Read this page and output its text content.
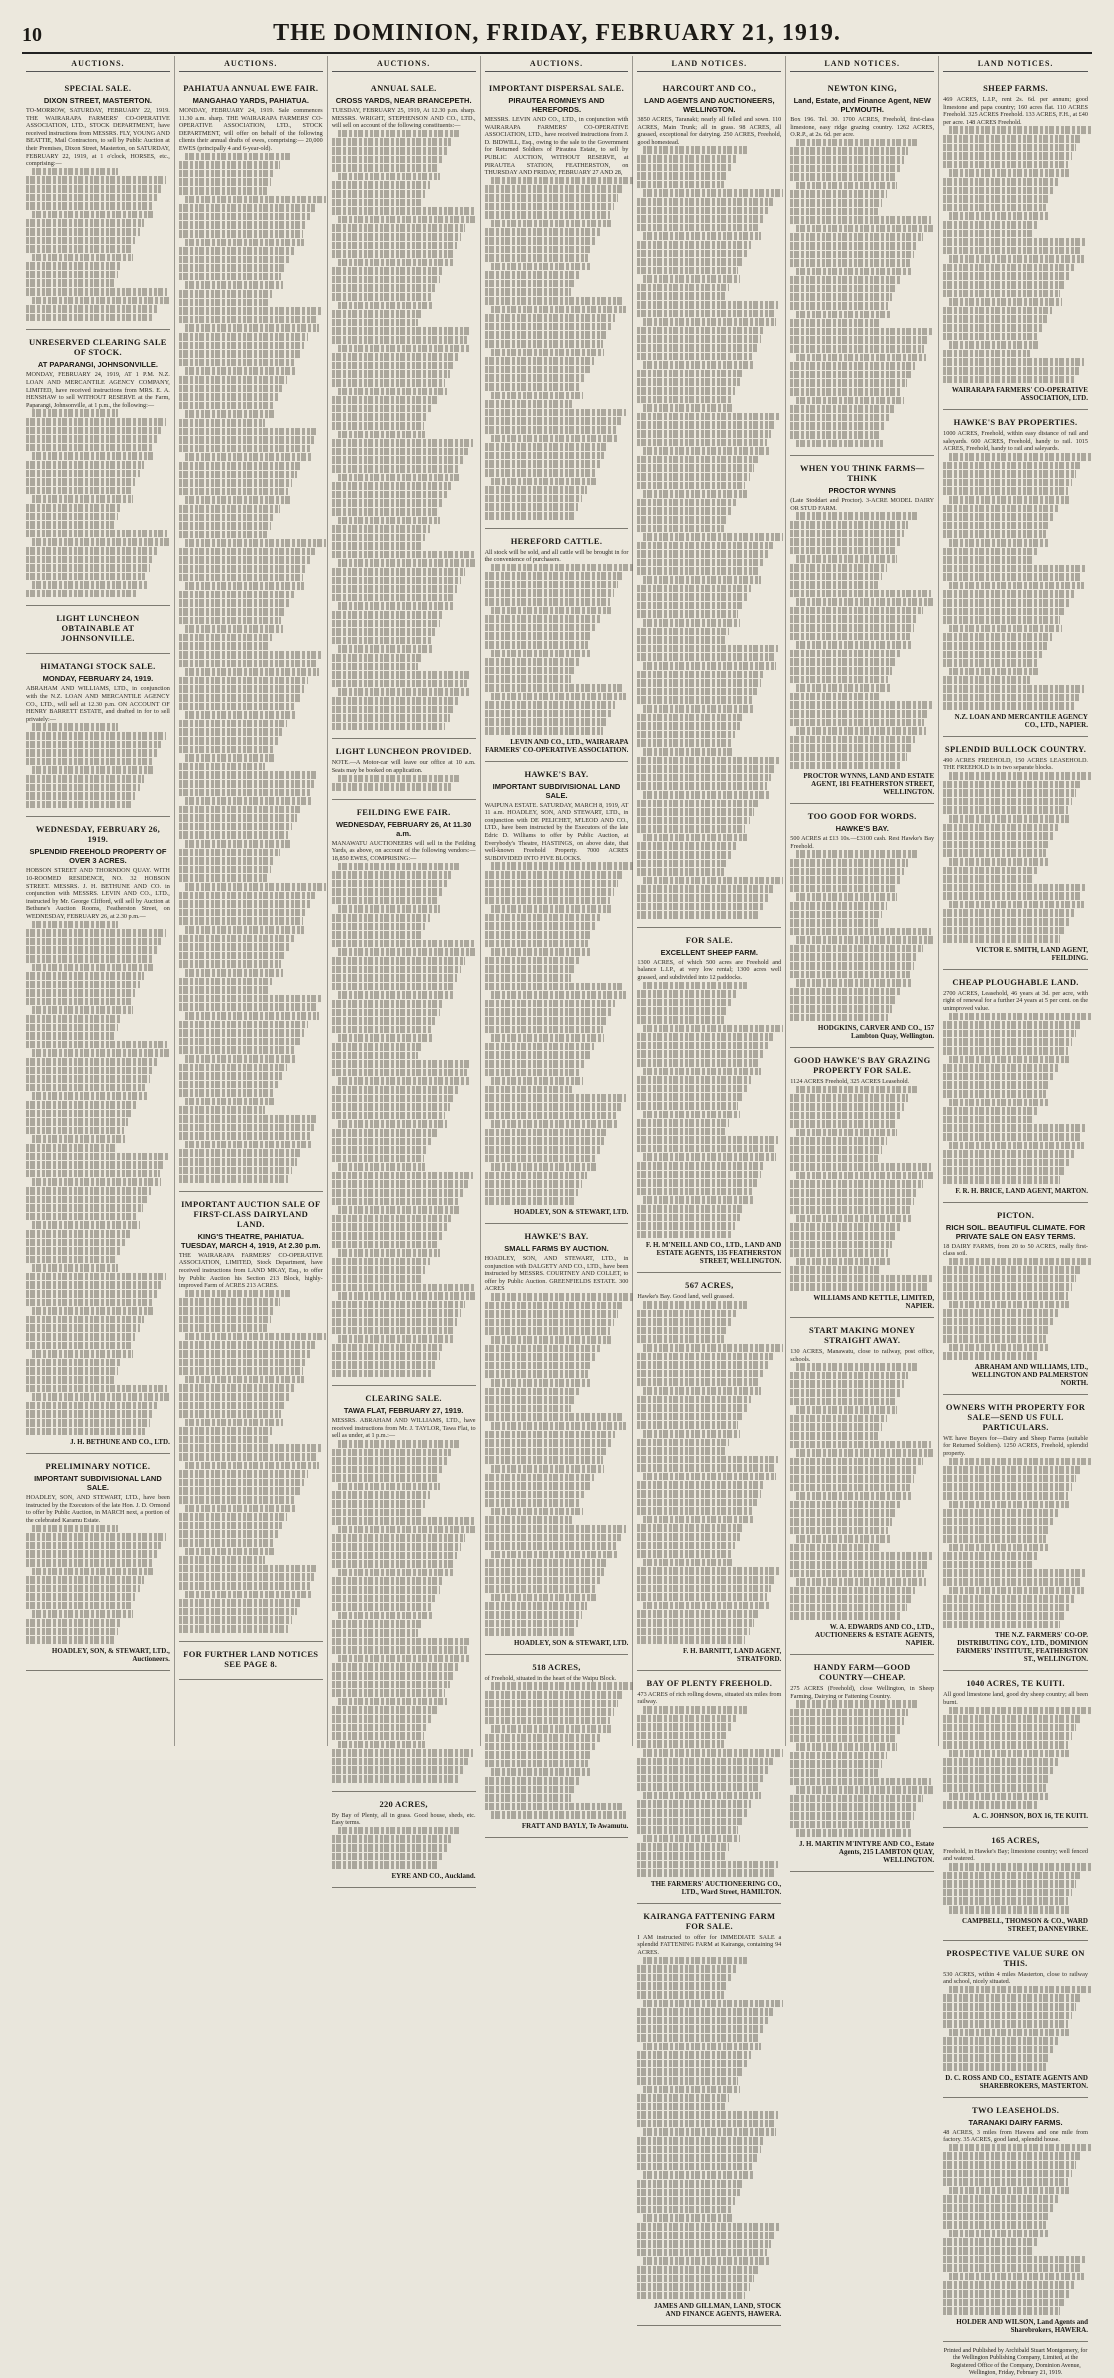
10	THE DOMINION, FRIDAY, FEBRUARY 21, 1919.
AUCTIONS.
SPECIAL SALE.
DIXON STREET, MASTERTON.
TO-MORROW, SATURDAY, FEBRUARY 22, 1919. THE WAIRARAPA FARMERS' CO-OPERATIVE ASSOCIATION, LTD., STOCK DEPARTMENT, have received instructions from MESSRS. FLY, YOUNG AND BEATTIE, Mail Contractors, to sell by Public Auction at their Premises, Dixon Street, Masterton, on SATURDAY, FEBRUARY 22, 1919, at 1 o'clock, HORSES, etc., comprising:—
UNRESERVED CLEARING SALE OF STOCK.
AT PAPARANGI, JOHNSONVILLE.
MONDAY, FEBRUARY 24, 1919, AT 1 P.M. N.Z. LOAN AND MERCANTILE AGENCY COMPANY, LIMITED, have received instructions from MRS. E. A. HENSHAW to sell WITHOUT RESERVE at the Farm, Paparangi, Johnsonville, at 1 p.m., the following:—
LIGHT LUNCHEON OBTAINABLE AT JOHNSONVILLE.
HIMATANGI STOCK SALE.
MONDAY, FEBRUARY 24, 1919.
ABRAHAM AND WILLIAMS, LTD., in conjunction with the N.Z. LOAN AND MERCANTILE AGENCY CO., LTD., will sell at 12.30 p.m. ON ACCOUNT OF HENRY BARRETT ESTATE, and drafted in for to sell privately:—
WEDNESDAY, FEBRUARY 26, 1919.
SPLENDID FREEHOLD PROPERTY OF OVER 3 ACRES.
HOBSON STREET AND THORNDON QUAY. WITH 10-ROOMED RESIDENCE, NO. 32 HOBSON STREET. MESSRS. J. H. BETHUNE AND CO. in conjunction with MESSRS. LEVIN AND CO., LTD., instructed by Mr. George Clifford, will sell by Auction at Bethune's Auction Rooms, Featherston Street, on WEDNESDAY, FEBRUARY 26, at 2.30 p.m.—
J. H. BETHUNE AND CO., LTD.
PRELIMINARY NOTICE.
IMPORTANT SUBDIVISIONAL LAND SALE.
HOADLEY, SON, AND STEWART, LTD., have been instructed by the Executors of the late Hon. J. D. Ormond to offer by Public Auction, in MARCH next, a portion of the celebrated Karamu Estate.
HOADLEY, SON, & STEWART, LTD., Auctioneers.
AUCTIONS.
PAHIATUA ANNUAL EWE FAIR.
MANGAHAO YARDS, PAHIATUA.
MONDAY, FEBRUARY 24, 1919. Sale commences 11.30 a.m. sharp. THE WAIRARAPA FARMERS' CO-OPERATIVE ASSOCIATION, LTD., STOCK DEPARTMENT, will offer on behalf of the following clients their annual drafts of ewes, comprising:— 20,000 EWES (principally 4 and 6-year-old).
IMPORTANT AUCTION SALE OF FIRST-CLASS DAIRYLAND LAND.
KING'S THEATRE, PAHIATUA. TUESDAY, MARCH 4, 1919, At 2.30 p.m.
THE WAIRARAPA FARMERS' CO-OPERATIVE ASSOCIATION, LIMITED, Stock Department, have received instructions from LAND MKAY, Esq., to offer by Public Auction his Section 213 Block, highly-improved Farm of ACRES 213 ACRES.
FOR FURTHER LAND NOTICES SEE PAGE 8.
AUCTIONS.
ANNUAL SALE.
CROSS YARDS, NEAR BRANCEPETH.
TUESDAY, FEBRUARY 25, 1919, At 12.30 p.m. sharp. MESSRS. WRIGHT, STEPHENSON AND CO., LTD., will sell on account of the following constituents:—
LIGHT LUNCHEON PROVIDED.
NOTE.—A Motor-car will leave our office at 10 a.m. Seats may be booked on application.
FEILDING EWE FAIR.
WEDNESDAY, FEBRUARY 26, At 11.30 a.m.
MANAWATU AUCTIONEERS will sell in the Feilding Yards, as above, on account of the following vendors:— 18,850 EWES, COMPRISING:—
CLEARING SALE.
TAWA FLAT, FEBRUARY 27, 1919.
MESSRS. ABRAHAM AND WILLIAMS, LTD., have received instructions from Mr. J. TAYLOR, Tawa Flat, to sell as under, at 1 p.m.:—
220 ACRES,
By Bay of Plenty, all in grass. Good house, sheds, etc. Easy terms.
EYRE AND CO., Auckland.
AUCTIONS.
IMPORTANT DISPERSAL SALE.
PIRAUTEA ROMNEYS AND HEREFORDS.
MESSRS. LEVIN AND CO., LTD., in conjunction with WAIRARAPA FARMERS' CO-OPERATIVE ASSOCIATION, LTD., have received instructions from J. D. BIDWILL, Esq., owing to the sale to the Government for Returned Soldiers of Pirautea Estate, to sell by PUBLIC AUCTION, WITHOUT RESERVE, at PIRAUTEA STATION, FEATHERSTON, on THURSDAY AND FRIDAY, FEBRUARY 27 AND 28,
HEREFORD CATTLE.
All stock will be sold, and all cattle will be brought in for the convenience of purchasers.
LEVIN AND CO., LTD., WAIRARAPA FARMERS' CO-OPERATIVE ASSOCIATION.
HAWKE'S BAY.
IMPORTANT SUBDIVISIONAL LAND SALE.
WAIPUNA ESTATE. SATURDAY, MARCH 8, 1919, AT 11 a.m. HOADLEY, SON, AND STEWART, LTD., in conjunction with DE PELICHET, M'LEOD AND CO., LTD., have been instructed by the Executors of the late Edric D. Williams to offer by Public Auction, at Everybody's Theatre, HASTINGS, on above date, that well-known Freehold Property. 7000 ACRES SUBDIVIDED INTO FIVE BLOCKS.
HOADLEY, SON & STEWART, LTD.
HAWKE'S BAY.
SMALL FARMS BY AUCTION.
HOADLEY, SON, AND STEWART, LTD., in conjunction with DALGETY AND CO., LTD., have been instructed by MESSRS. COURTNEY AND COLLET, to offer by Public Auction. GREENFIELDS ESTATE. 300 ACRES
HOADLEY, SON & STEWART, LTD.
518 ACRES,
of Freehold, situated in the heart of the Waipu Block.
FRATT AND BAYLY, Te Awamutu.
LAND NOTICES.
HARCOURT AND CO.,
LAND AGENTS AND AUCTIONEERS, WELLINGTON.
3850 ACRES, Taranaki; nearly all felled and sown. 110 ACRES, Main Trunk; all in grass. 98 ACRES, all grassed, exceptional for dairying. 250 ACRES, Freehold, good homestead.
FOR SALE.
EXCELLENT SHEEP FARM.
1300 ACRES, of which 500 acres are Freehold and balance L.I.P., at very low rental; 1300 acres well grassed, and subdivided into 12 paddocks.
F. H. M'NEILL AND CO., LTD., LAND AND ESTATE AGENTS, 135 FEATHERSTON STREET, WELLINGTON.
567 ACRES,
Hawke's Bay. Good land, well grassed.
F. H. BARNITT, LAND AGENT, STRATFORD.
BAY OF PLENTY FREEHOLD.
473 ACRES of rich rolling downs, situated six miles from railway.
THE FARMERS' AUCTIONEERING CO., LTD., Ward Street, HAMILTON.
KAIRANGA FATTENING FARM FOR SALE.
I AM instructed to offer for IMMEDIATE SALE a splendid FATTENING FARM at Kairanga, containing 94 ACRES.
JAMES AND GILLMAN, LAND, STOCK AND FINANCE AGENTS, HAWERA.
LAND NOTICES.
NEWTON KING,
Land, Estate, and Finance Agent, NEW PLYMOUTH.
Box 196. Tel. 30. 1700 ACRES, Freehold, first-class limestone, easy ridge grazing country. 1262 ACRES, O.R.P., at 2s. 6d. per acre.
WHEN YOU THINK FARMS—THINK
PROCTOR WYNNS
(Late Stoddart and Proctor). 3-ACRE MODEL DAIRY OR STUD FARM.
PROCTOR WYNNS, LAND AND ESTATE AGENT, 181 FEATHERSTON STREET, WELLINGTON.
TOO GOOD FOR WORDS.
HAWKE'S BAY.
500 ACRES at £13 10s.—£3100 cash. Rest Hawke's Bay Freehold.
HODGKINS, CARVER AND CO., 157 Lambton Quay, Wellington.
GOOD HAWKE'S BAY GRAZING PROPERTY FOR SALE.
1124 ACRES Freehold, 325 ACRES Leasehold.
WILLIAMS AND KETTLE, LIMITED, NAPIER.
START MAKING MONEY STRAIGHT AWAY.
130 ACRES, Manawatu, close to railway, post office, schools.
W. A. EDWARDS AND CO., LTD., AUCTIONEERS & ESTATE AGENTS, NAPIER.
HANDY FARM—GOOD COUNTRY—CHEAP.
275 ACRES (Freehold), close Wellington, in Sheep Farming, Dairying or Fattening Country.
J. H. MARTIN M'INTYRE AND CO., Estate Agents, 215 LAMBTON QUAY, WELLINGTON.
LAND NOTICES.
SHEEP FARMS.
469 ACRES, L.I.P., rent 2s. 6d. per annum; good limestone and papa country; 160 acres flat. 110 ACRES Freehold. 325 ACRES Freehold. 133 ACRES, F.H., at £40 per acre. 148 ACRES Freehold.
WAIRARAPA FARMERS' CO-OPERATIVE ASSOCIATION, LTD.
HAWKE'S BAY PROPERTIES.
1000 ACRES, Freehold, within easy distance of rail and saleyards. 600 ACRES, Freehold, handy to rail. 1015 ACRES, Freehold, handy to rail and saleyards.
N.Z. LOAN AND MERCANTILE AGENCY CO., LTD., NAPIER.
SPLENDID BULLOCK COUNTRY.
490 ACRES FREEHOLD, 150 ACRES LEASEHOLD. THE FREEHOLD is in two separate blocks.
VICTOR E. SMITH, LAND AGENT, FEILDING.
CHEAP PLOUGHABLE LAND.
2700 ACRES, Leasehold, 46 years at 3d. per acre, with right of renewal for a further 24 years at 5 per cent. on the unimproved value.
F. R. H. BRICE, LAND AGENT, MARTON.
PICTON.
RICH SOIL. BEAUTIFUL CLIMATE. FOR PRIVATE SALE ON EASY TERMS.
18 DAIRY FARMS, from 20 to 50 ACRES, really first-class soil.
ABRAHAM AND WILLIAMS, LTD., WELLINGTON AND PALMERSTON NORTH.
OWNERS WITH PROPERTY FOR SALE—SEND US FULL PARTICULARS.
WE have Buyers for—Dairy and Sheep Farms (suitable for Returned Soldiers). 1250 ACRES, Freehold, splendid property.
THE N.Z. FARMERS' CO-OP. DISTRIBUTING COY., LTD., DOMINION FARMERS' INSTITUTE, FEATHERSTON ST., WELLINGTON.
1040 ACRES, TE KUITI.
All good limestone land, good dry sheep country; all been burnt.
A. C. JOHNSON, BOX 16, TE KUITI.
165 ACRES,
Freehold, in Hawke's Bay; limestone country; well fenced and watered.
CAMPBELL, THOMSON & CO., WARD STREET, DANNEVIRKE.
PROSPECTIVE VALUE SURE ON THIS.
530 ACRES, within 4 miles Masterton, close to railway and school, nicely situated.
D. C. ROSS AND CO., ESTATE AGENTS AND SHAREBROKERS, MASTERTON.
TWO LEASEHOLDS.
TARANAKI DAIRY FARMS.
48 ACRES, 3 miles from Hawera and one mile from factory. 35 ACRES, good land, splendid house.
HOLDER AND WILSON, Land Agents and Sharebrokers, HAWERA.
Printed and Published by Archibald Stuart Montgomery, for the Wellington Publishing Company, Limited, at the Registered Office of the Company, Dominion Avenue, Wellington, Friday, February 21, 1919.
